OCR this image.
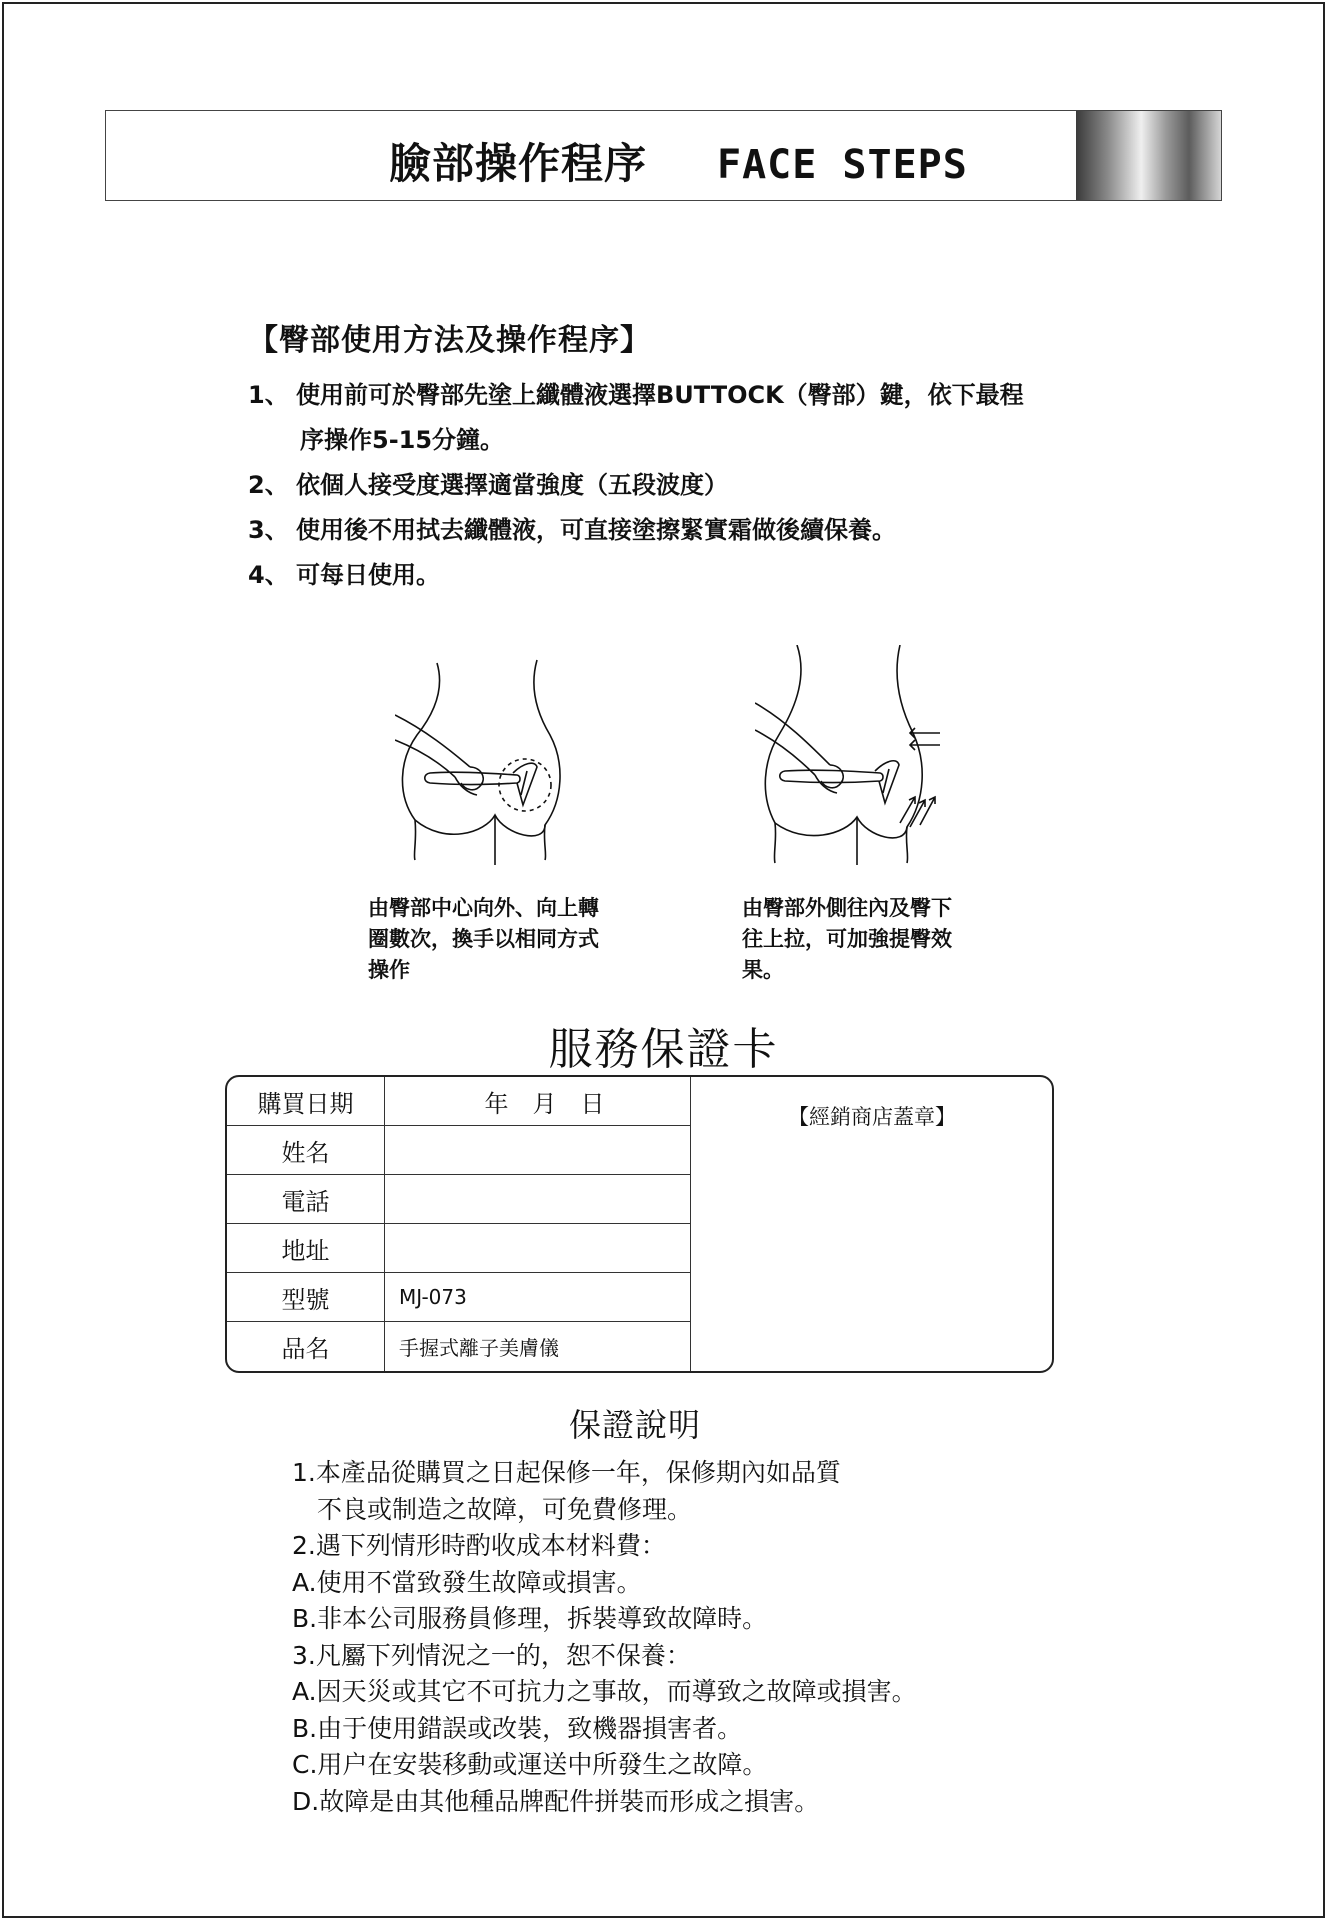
臉部操作程序 FACE STEPS
【臀部使用方法及操作程序】
1、 使用前可於臀部先塗上纖體液選擇BUTTOCK（臀部）鍵，依下最程
序操作5-15分鐘。
2、 依個人接受度選擇適當強度（五段波度）
3、 使用後不用拭去纖體液，可直接塗擦緊實霜做後續保養。
4、 可每日使用。
由臀部中心向外、向上轉
圈數次，換手以相同方式
操作
由臀部外側往內及臀下
往上拉，可加強提臀效
果。
服務保證卡
購買日期	年　月　日
姓名	
電話	
地址	
型號	MJ-073
品名	手握式離子美膚儀
【經銷商店蓋章】
保證說明
1.本產品從購買之日起保修一年，保修期內如品質
不良或制造之故障，可免費修理。
2.遇下列情形時酌收成本材料費：
A.使用不當致發生故障或損害。
B.非本公司服務員修理，拆裝導致故障時。
3.凡屬下列情況之一的，恕不保養：
A.因天災或其它不可抗力之事故，而導致之故障或損害。
B.由于使用錯誤或改裝，致機器損害者。
C.用户在安裝移動或運送中所發生之故障。
D.故障是由其他種品牌配件拼裝而形成之損害。
